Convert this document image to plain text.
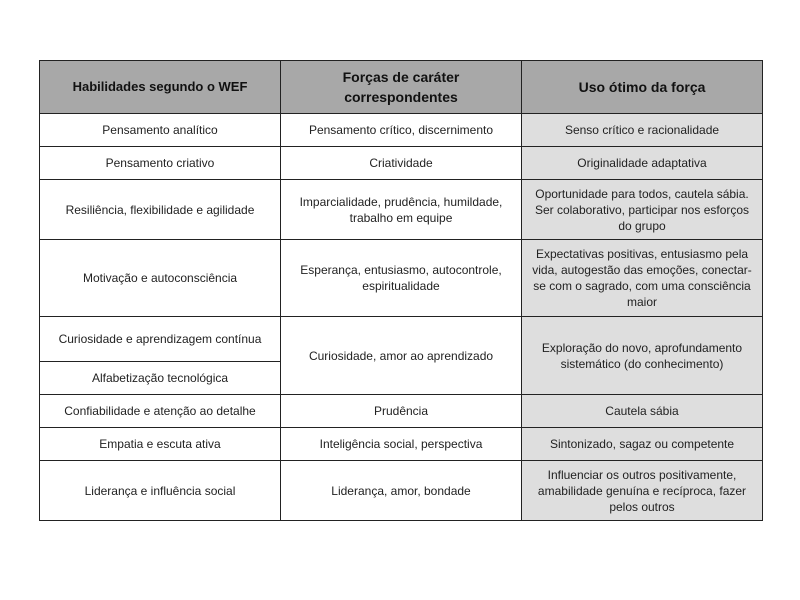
Habilidades segundo o WEF	Forças de caráter correspondentes	Uso ótimo da força
Pensamento analítico	Pensamento crítico, discernimento	Senso crítico e racionalidade
Pensamento criativo	Criatividade	Originalidade adaptativa
Resiliência, flexibilidade e agilidade	Imparcialidade, prudência, humildade, trabalho em equipe	Oportunidade para todos, cautela sábia. Ser colaborativo, participar nos esforços do grupo
Motivação e autoconsciência	Esperança, entusiasmo, autocontrole, espiritualidade	Expectativas positivas, entusiasmo pela vida, autogestão das emoções, conectar-se com o sagrado, com uma consciência maior
Curiosidade e aprendizagem contínua	Curiosidade, amor ao aprendizado	Exploração do novo, aprofundamento sistemático (do conhecimento)
Alfabetização tecnológica		
Confiabilidade e atenção ao detalhe	Prudência	Cautela sábia
Empatia e escuta ativa	Inteligência social, perspectiva	Sintonizado, sagaz ou competente
Liderança e influência social	Liderança, amor, bondade	Influenciar os outros positivamente, amabilidade genuína e recíproca, fazer pelos outros
